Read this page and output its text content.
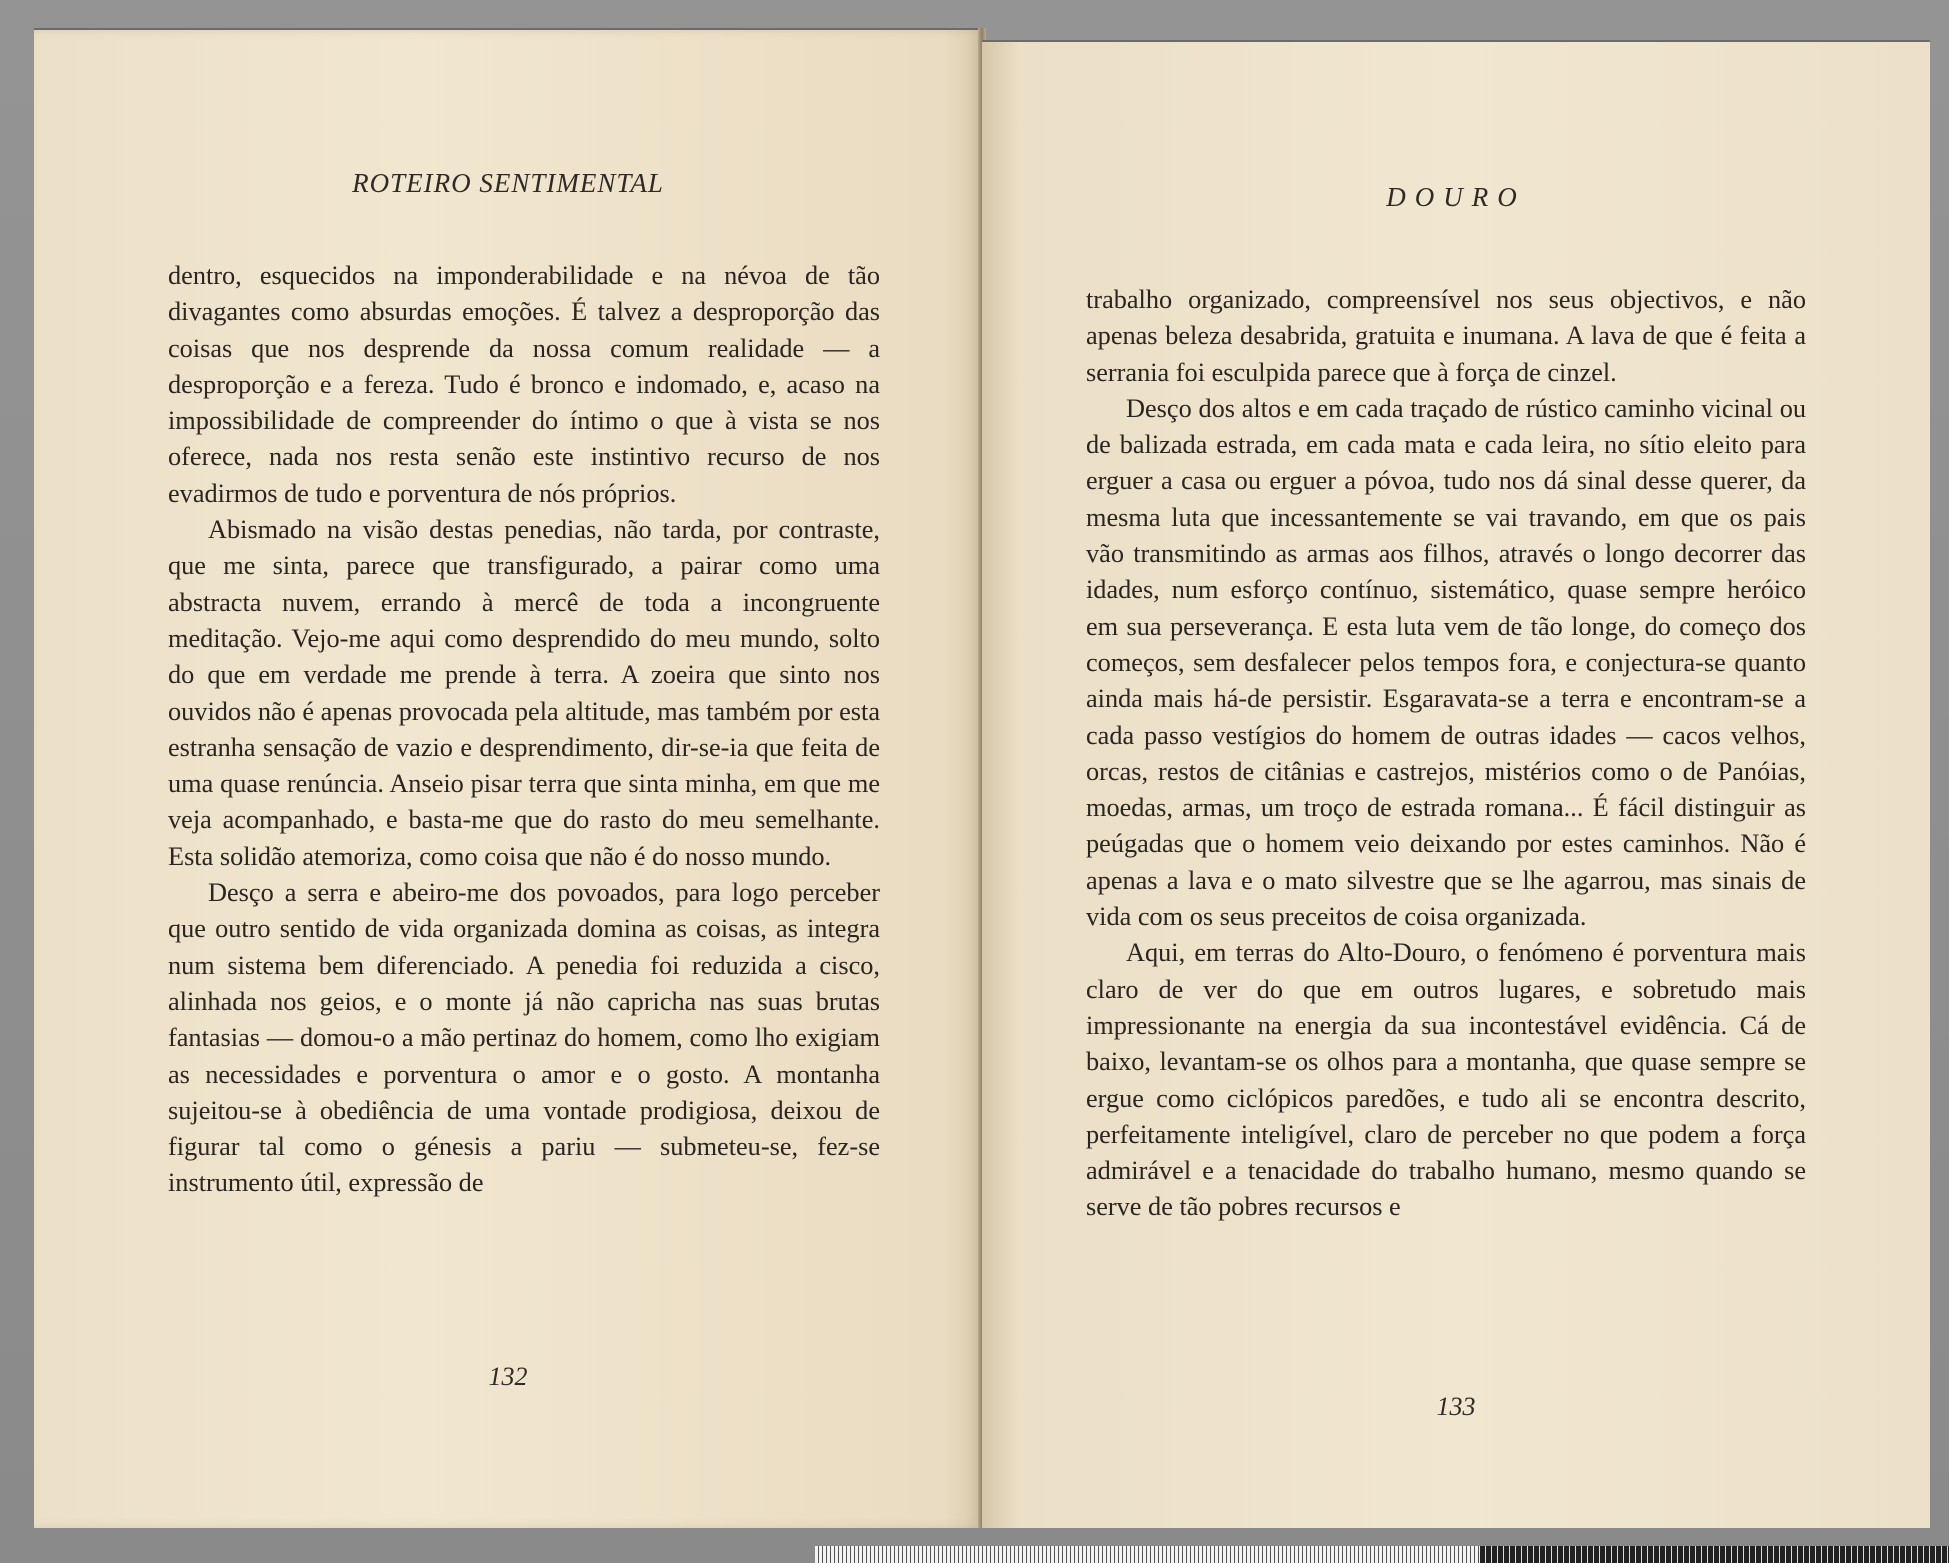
ROTEIRO SENTIMENTAL

dentro, esquecidos na imponderabilidade e na névoa de tão divagantes como absurdas emoções. É talvez a desproporção das coisas que nos desprende da nossa comum realidade — a desproporção e a fereza. Tudo é bronco e indomado, e, acaso na impossibilidade de compreender do íntimo o que à vista se nos oferece, nada nos resta senão este instintivo recurso de nos evadirmos de tudo e porventura de nós próprios.

Abismado na visão destas penedias, não tarda, por contraste, que me sinta, parece que transfigurado, a pairar como uma abstracta nuvem, errando à mercê de toda a incongruente meditação. Vejo-me aqui como desprendido do meu mundo, solto do que em verdade me prende à terra. A zoeira que sinto nos ouvidos não é apenas provocada pela altitude, mas também por esta estranha sensação de vazio e desprendimento, dir-se-ia que feita de uma quase renúncia. Anseio pisar terra que sinta minha, em que me veja acompanhado, e basta-me que do rasto do meu semelhante. Esta solidão atemoriza, como coisa que não é do nosso mundo.

Desço a serra e abeiro-me dos povoados, para logo perceber que outro sentido de vida organizada domina as coisas, as integra num sistema bem diferenciado. A penedia foi reduzida a cisco, alinhada nos geios, e o monte já não capricha nas suas brutas fantasias — domou-o a mão pertinaz do homem, como lho exigiam as necessidades e porventura o amor e o gosto. A montanha sujeitou-se à obediência de uma vontade prodigiosa, deixou de figurar tal como o génesis a pariu — submeteu-se, fez-se instrumento útil, expressão de

132
DOURO

trabalho organizado, compreensível nos seus objectivos, e não apenas beleza desabrida, gratuita e inumana. A lava de que é feita a serrania foi esculpida parece que à força de cinzel.

Desço dos altos e em cada traçado de rústico caminho vicinal ou de balizada estrada, em cada mata e cada leira, no sítio eleito para erguer a casa ou erguer a póvoa, tudo nos dá sinal desse querer, da mesma luta que incessantemente se vai travando, em que os pais vão transmitindo as armas aos filhos, através o longo decorrer das idades, num esforço contínuo, sistemático, quase sempre heróico em sua perseverança. E esta luta vem de tão longe, do começo dos começos, sem desfalecer pelos tempos fora, e conjectura-se quanto ainda mais há-de persistir. Esgaravata-se a terra e encontram-se a cada passo vestígios do homem de outras idades — cacos velhos, orcas, restos de citânias e castrejos, mistérios como o de Panóias, moedas, armas, um troço de estrada romana... É fácil distinguir as peúgadas que o homem veio deixando por estes caminhos. Não é apenas a lava e o mato silvestre que se lhe agarrou, mas sinais de vida com os seus preceitos de coisa organizada.

Aqui, em terras do Alto-Douro, o fenómeno é porventura mais claro de ver do que em outros lugares, e sobretudo mais impressionante na energia da sua incontestável evidência. Cá de baixo, levantam-se os olhos para a montanha, que quase sempre se ergue como ciclópicos paredões, e tudo ali se encontra descrito, perfeitamente inteligível, claro de perceber no que podem a força admirável e a tenacidade do trabalho humano, mesmo quando se serve de tão pobres recursos e

133
